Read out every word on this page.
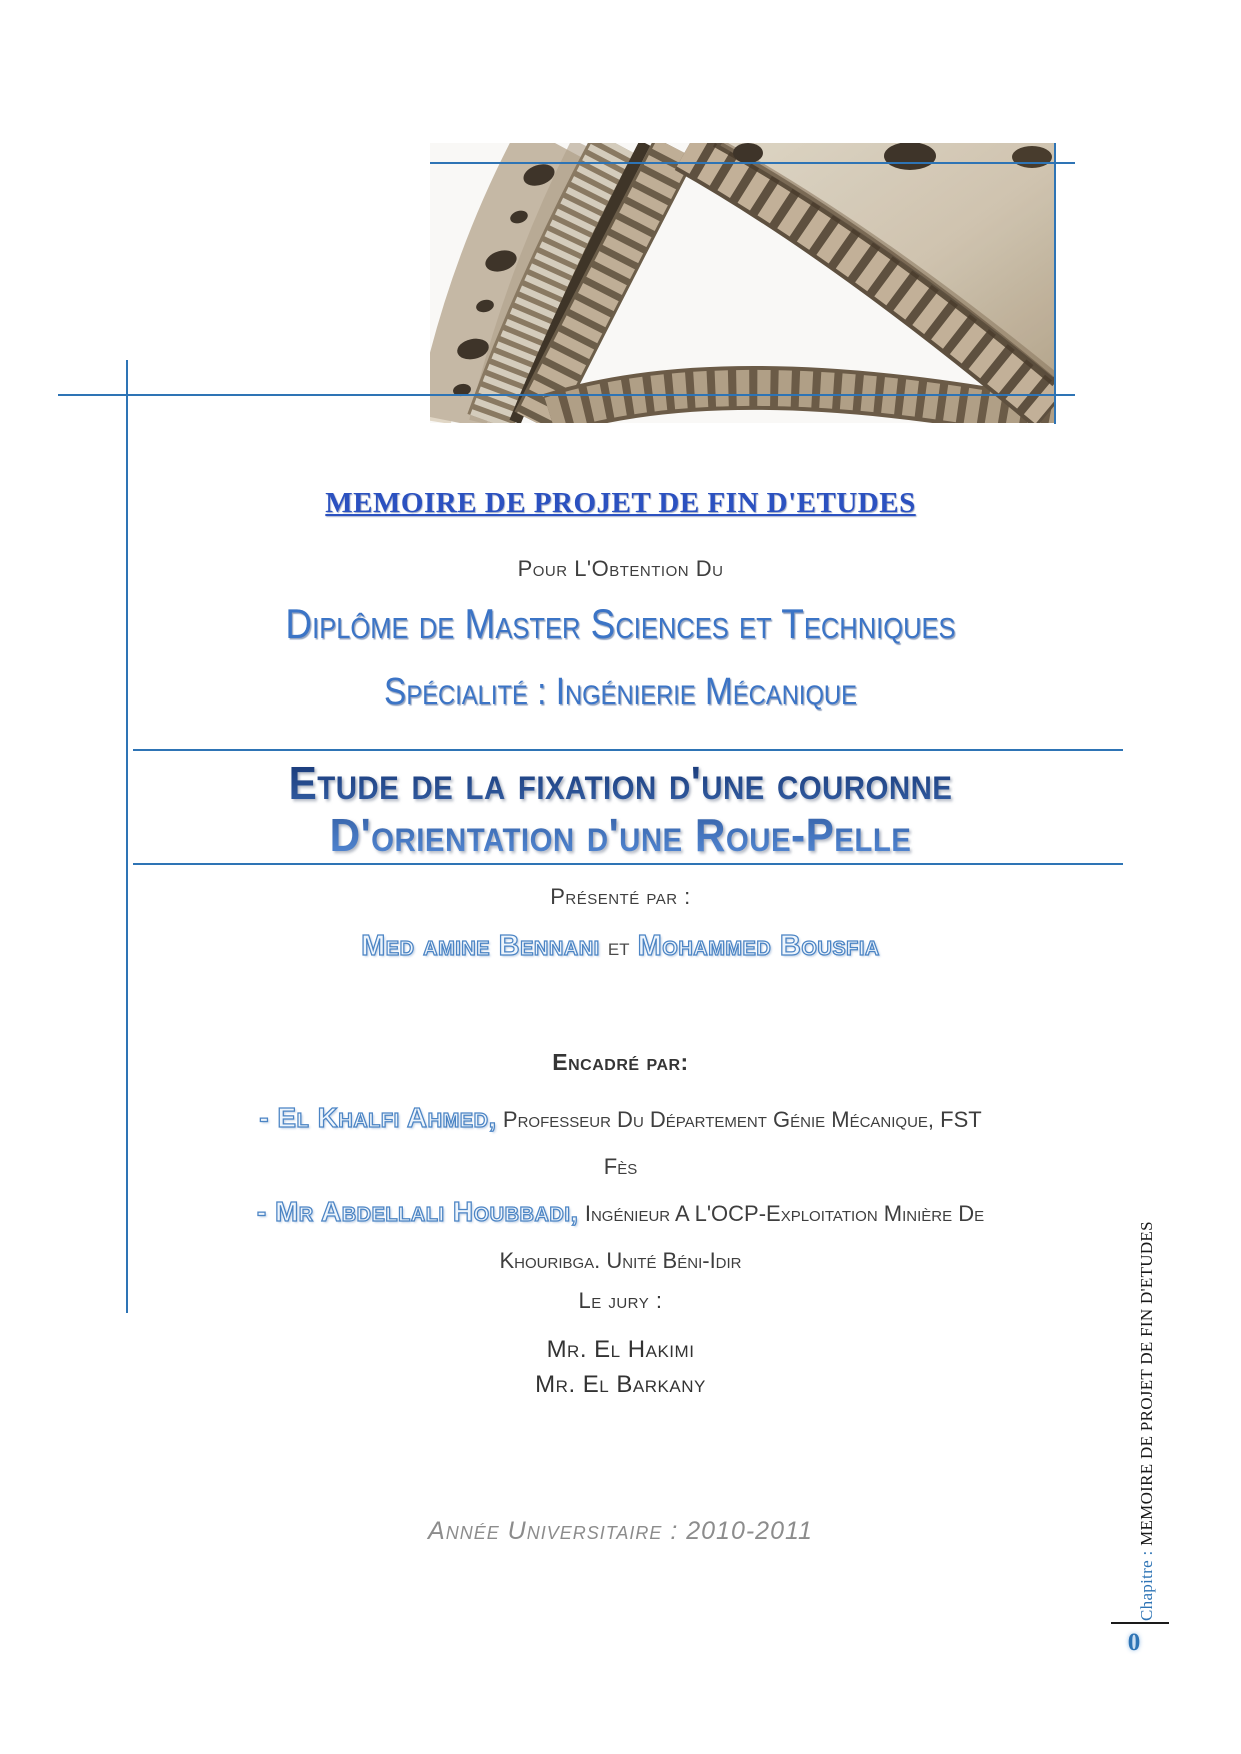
MEMOIRE DE PROJET DE FIN D'ETUDES
Pour L'Obtention Du
Diplôme de Master Sciences et Techniques
Spécialité : Ingénierie Mécanique
Etude de la fixation d'une couronne
D'orientation d'une Roue-Pelle
Présenté par :
Med amine Bennani et Mohammed Bousfia
Encadré par:
- El Khalfi Ahmed, Professeur Du Département Génie Mécanique, FST
Fès
- Mr Abdellali Houbbadi, Ingénieur A L'OCP-Exploitation Minière De
Khouribga. Unité Béni-Idir
Le jury :
Mr. El Hakimi
Mr. El Barkany
Année Universitaire : 2010-2011
Chapitre : MEMOIRE DE PROJET DE FIN D'ETUDES
0
